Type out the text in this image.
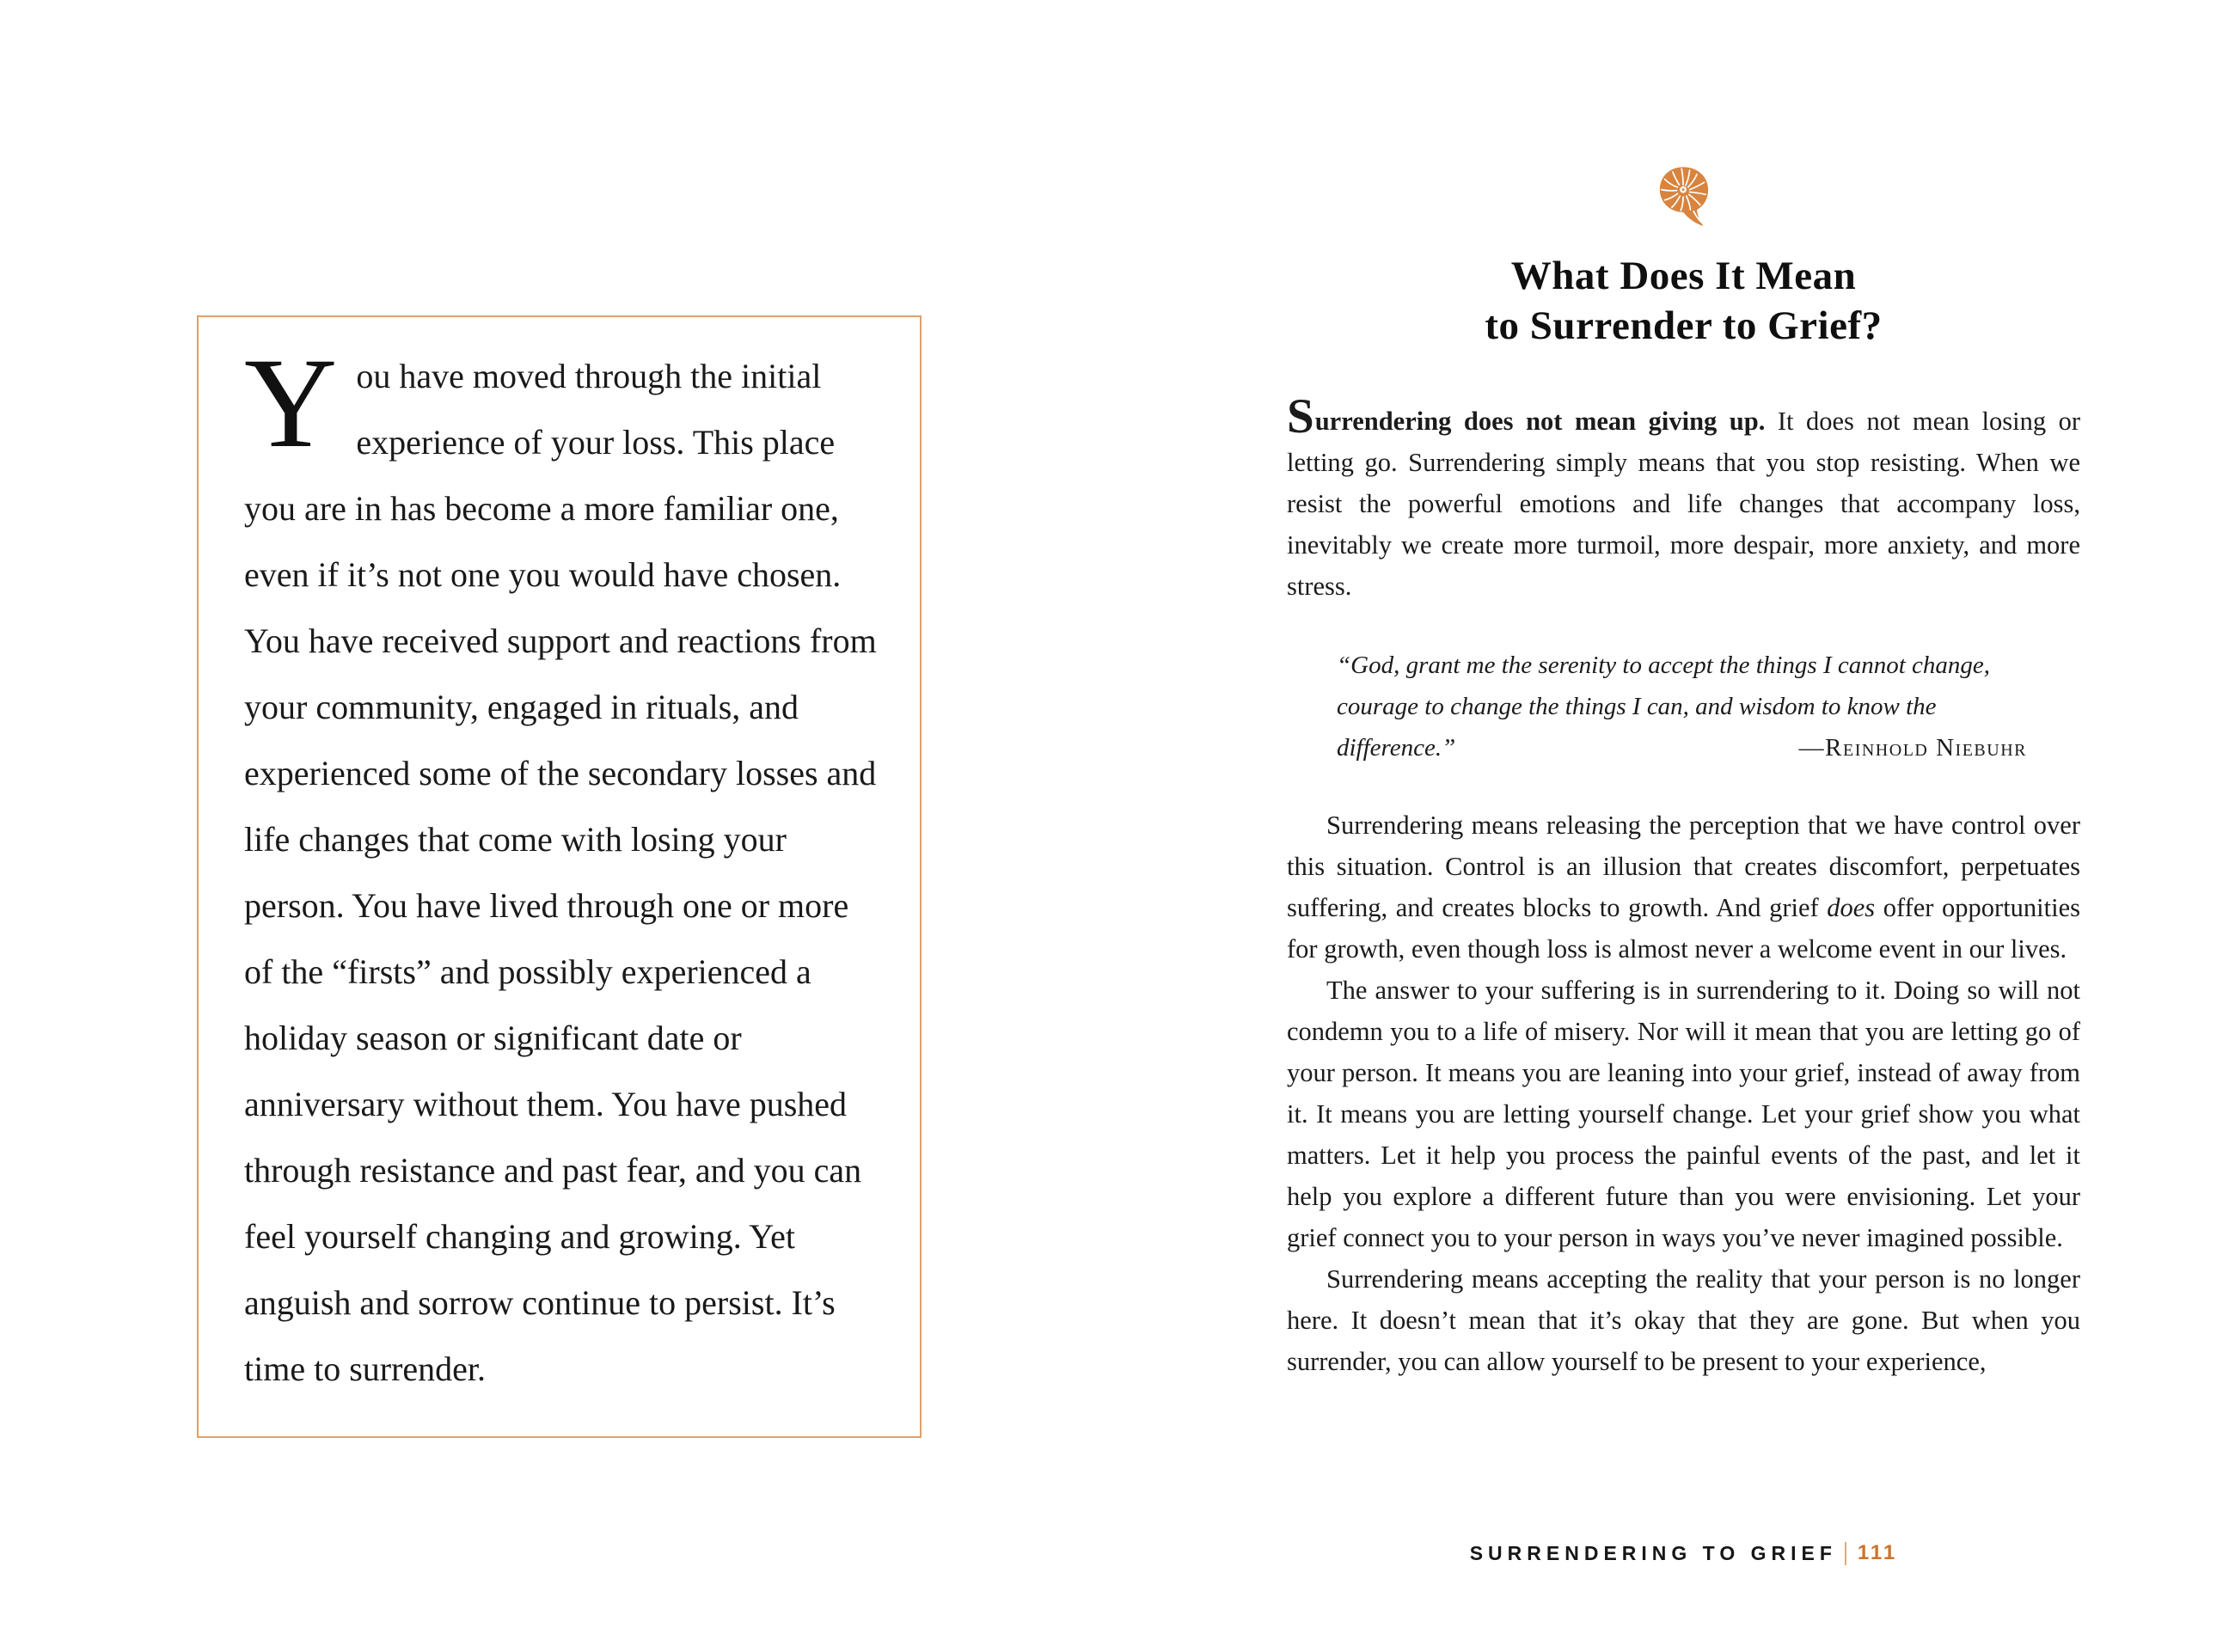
You have moved through the initial experience of your loss. This place you are in has become a more familiar one, even if it’s not one you would have chosen. You have received support and reactions from your community, engaged in rituals, and experienced some of the secondary losses and life changes that come with losing your person. You have lived through one or more of the “firsts” and possibly experienced a holiday season or significant date or anniversary without them. You have pushed through resistance and past fear, and you can feel yourself changing and growing. Yet anguish and sorrow continue to persist. It’s time to surrender.

What Does It Mean
to Surrender to Grief?

Surrendering does not mean giving up. It does not mean losing or letting go. Surrendering simply means that you stop resisting. When we resist the powerful emotions and life changes that accompany loss, inevitably we create more turmoil, more despair, more anxiety, and more stress.

“God, grant me the serenity to accept the things I cannot change, courage to change the things I can, and wisdom to know the difference.”	—Reinhold Niebuhr

Surrendering means releasing the perception that we have control over this situation. Control is an illusion that creates discomfort, perpetuates suffering, and creates blocks to growth. And grief does offer opportunities for growth, even though loss is almost never a welcome event in our lives.

The answer to your suffering is in surrendering to it. Doing so will not condemn you to a life of misery. Nor will it mean that you are letting go of your person. It means you are leaning into your grief, instead of away from it. It means you are letting yourself change. Let your grief show you what matters. Let it help you process the painful events of the past, and let it help you explore a different future than you were envisioning. Let your grief connect you to your person in ways you’ve never imagined possible.

Surrendering means accepting the reality that your person is no longer here. It doesn’t mean that it’s okay that they are gone. But when you surrender, you can allow yourself to be present to your experience,

SURRENDERING TO GRIEF 111
